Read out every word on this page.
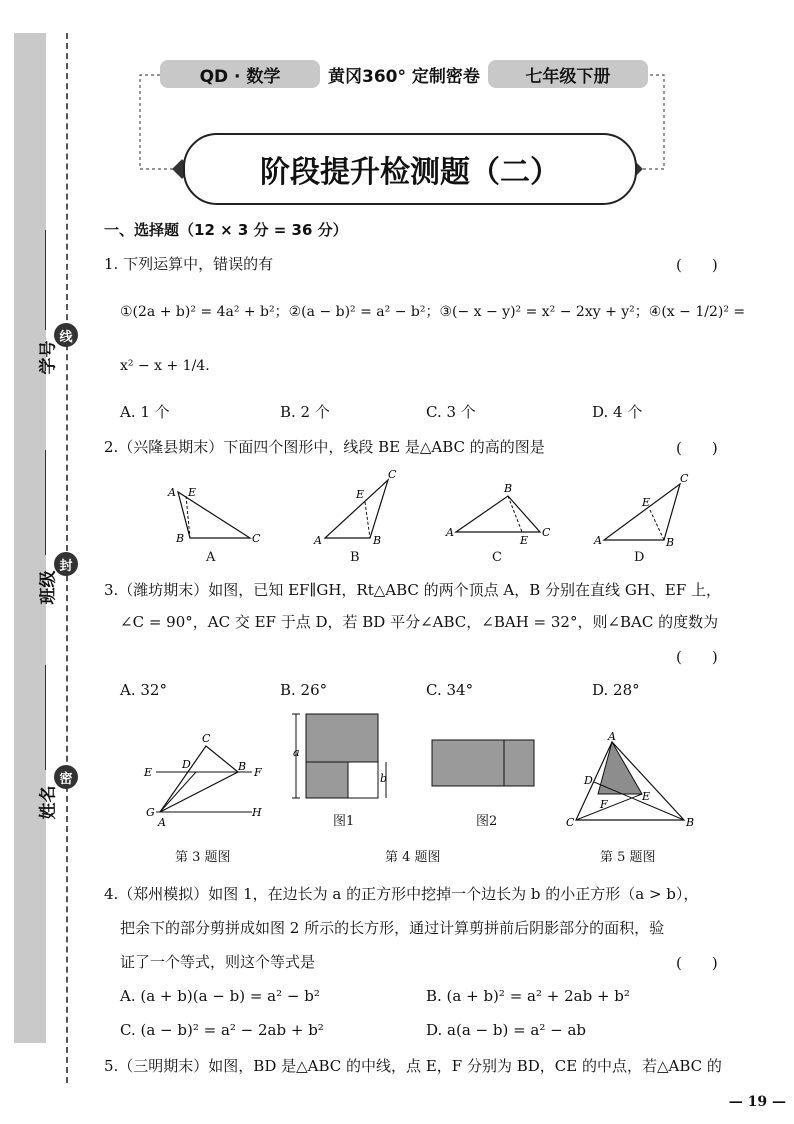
学号
班级
姓名
线
封
密
QD · 数学	黄冈360° 定制密卷	七年级下册
阶段提升检测题（二）
一、选择题（12 × 3 分 = 36 分）
1. 下列运算中，错误的有	(　　)
①(2a + b)² = 4a² + b²；②(a − b)² = a² − b²；③(− x − y)² = x² − 2xy + y²；④(x − 1/2)² =
x² − x + 1/4.
A. 1 个	B. 2 个	C. 3 个	D. 4 个
2.（兴隆县期末）下面四个图形中，线段 BE 是△ABC 的高的图是	(　　)
A E
B	C	A
E
B
C
A
B
E
C
A
E
B
C
A	B	C	D
3.（潍坊期末）如图，已知 EF∥GH，Rt△ABC 的两个顶点 A，B 分别在直线 GH、EF 上，
∠C = 90°，AC 交 EF 于点 D，若 BD 平分∠ABC，∠BAH = 32°，则∠BAC 的度数为
(　　)
A. 32°	B. 26°	C. 34°	D. 28°
E	F
G	H
A
B
C
D
a
b
图1	图2
A
D
F
E
C	B
第 3 题图	第 4 题图	第 5 题图
4.（郑州模拟）如图 1，在边长为 a 的正方形中挖掉一个边长为 b 的小正方形（a > b），
把余下的部分剪拼成如图 2 所示的长方形，通过计算剪拼前后阴影部分的面积，验
证了一个等式，则这个等式是	(　　)
A. (a + b)(a − b) = a² − b²	B. (a + b)² = a² + 2ab + b²
C. (a − b)² = a² − 2ab + b²	D. a(a − b) = a² − ab
5.（三明期末）如图，BD 是△ABC 的中线，点 E，F 分别为 BD，CE 的中点，若△ABC 的
— 19 —
